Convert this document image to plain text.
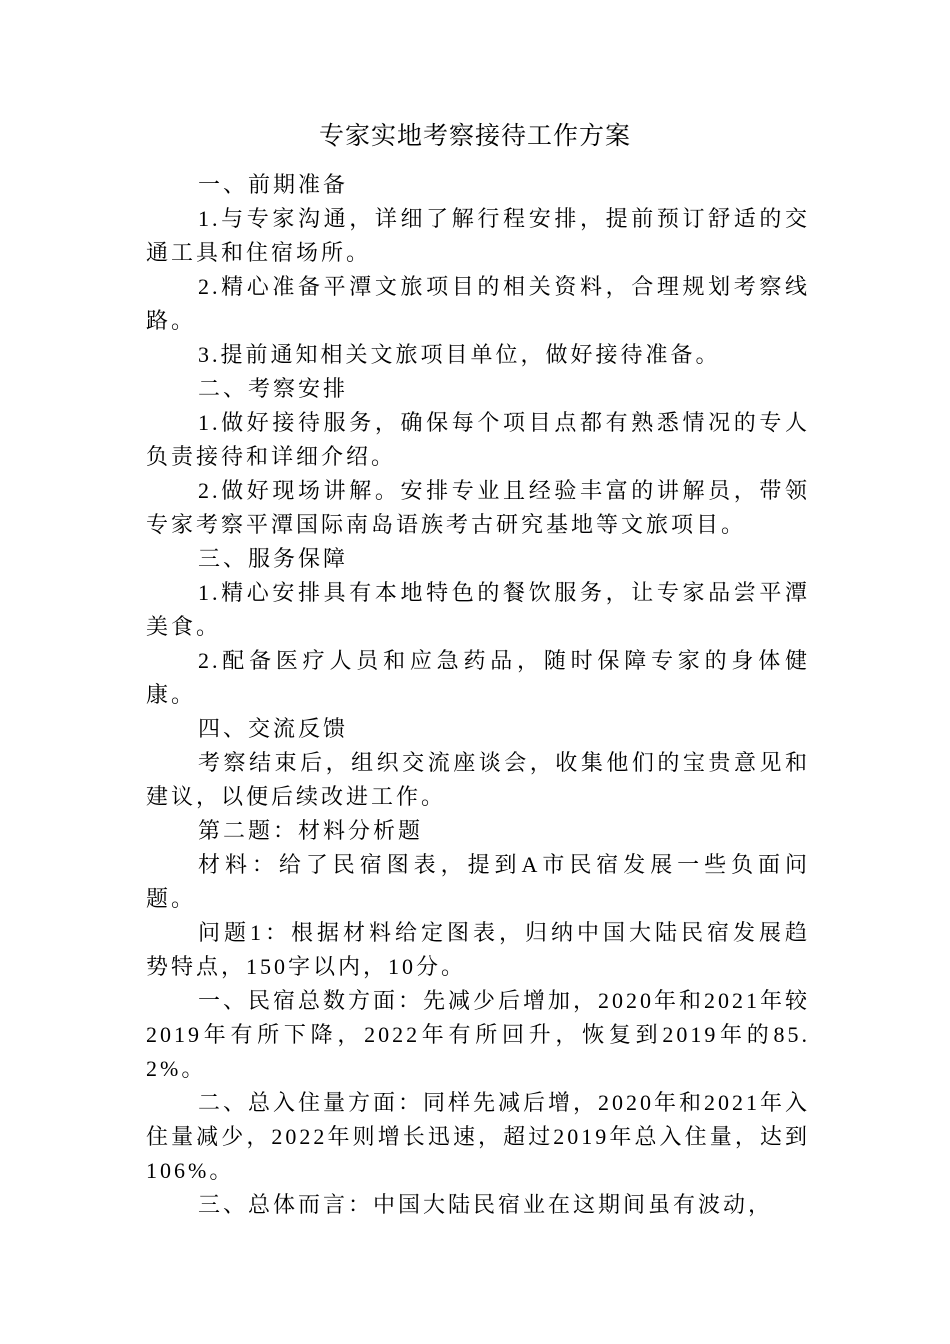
专家实地考察接待工作方案

一、前期准备

1.与专家沟通，详细了解行程安排，提前预订舒适的交通工具和住宿场所。

2.精心准备平潭文旅项目的相关资料，合理规划考察线路。

3.提前通知相关文旅项目单位，做好接待准备。

二、考察安排

1.做好接待服务，确保每个项目点都有熟悉情况的专人负责接待和详细介绍。

2.做好现场讲解。安排专业且经验丰富的讲解员，带领专家考察平潭国际南岛语族考古研究基地等文旅项目。

三、服务保障

1.精心安排具有本地特色的餐饮服务，让专家品尝平潭美食。

2.配备医疗人员和应急药品，随时保障专家的身体健康。

四、交流反馈

考察结束后，组织交流座谈会，收集他们的宝贵意见和建议，以便后续改进工作。

第二题：材料分析题

材料：给了民宿图表，提到A市民宿发展一些负面问题。

问题1：根据材料给定图表，归纳中国大陆民宿发展趋势特点，150字以内，10分。

一、民宿总数方面：先减少后增加，2020年和2021年较2019年有所下降，2022年有所回升，恢复到2019年的85.2%。

二、总入住量方面：同样先减后增，2020年和2021年入住量减少，2022年则增长迅速，超过2019年总入住量，达到106%。

三、总体而言：中国大陆民宿业在这期间虽有波动，
